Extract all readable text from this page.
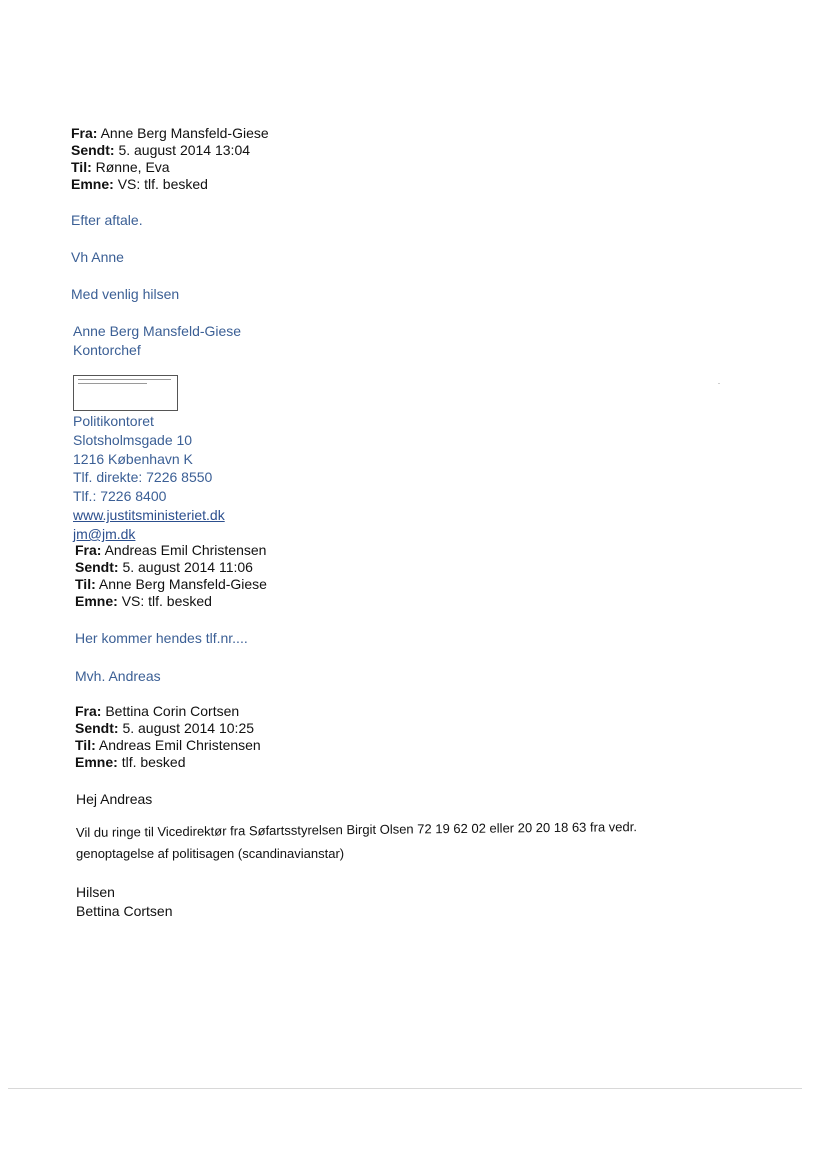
Fra: Anne Berg Mansfeld-Giese
Sendt: 5. august 2014 13:04
Til: Rønne, Eva
Emne: VS: tlf. besked
Efter aftale.
Vh Anne
Med venlig hilsen
Anne Berg Mansfeld-Giese
Kontorchef
Politikontoret
Slotsholmsgade 10
1216 København K
Tlf. direkte: 7226 8550
Tlf.: 7226 8400
www.justitsministeriet.dk
jm@jm.dk
Fra: Andreas Emil Christensen
Sendt: 5. august 2014 11:06
Til: Anne Berg Mansfeld-Giese
Emne: VS: tlf. besked
Her kommer hendes tlf.nr....
Mvh. Andreas
Fra: Bettina Corin Cortsen
Sendt: 5. august 2014 10:25
Til: Andreas Emil Christensen
Emne: tlf. besked
Hej Andreas
Vil du ringe til Vicedirektør fra Søfartsstyrelsen Birgit Olsen 72 19 62 02 eller 20 20 18 63 fra vedr.
genoptagelse af politisagen (scandinavianstar)
Hilsen
Bettina Cortsen
